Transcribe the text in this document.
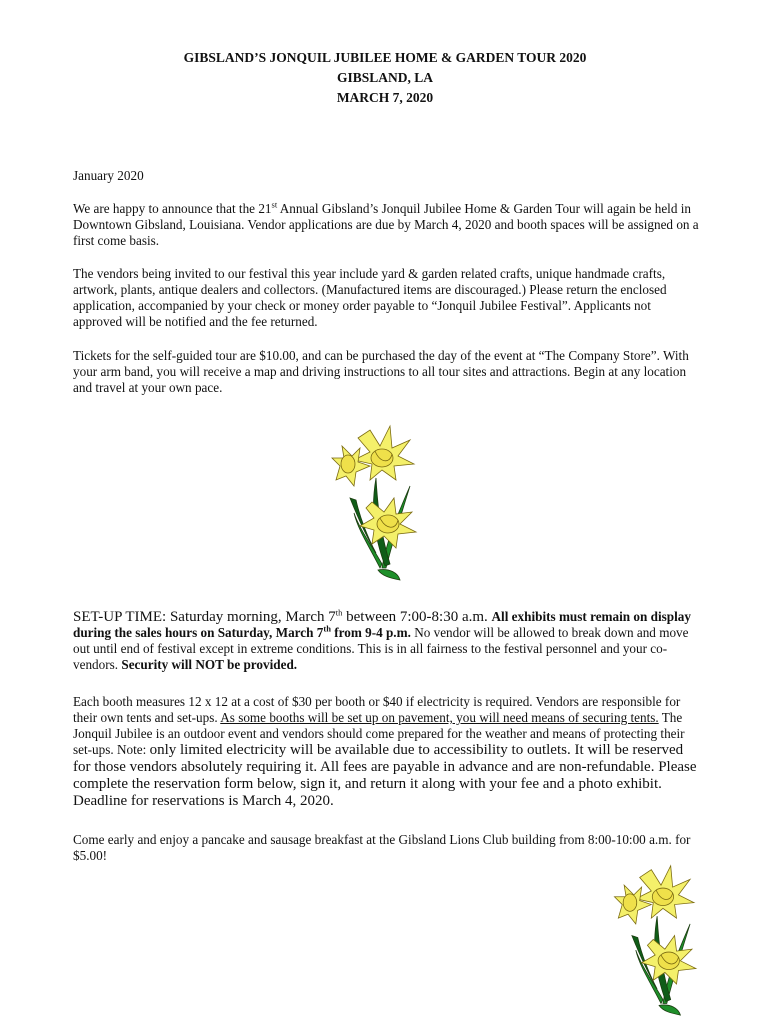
GIBSLAND’S JONQUIL JUBILEE HOME & GARDEN TOUR 2020
GIBSLAND, LA
MARCH 7, 2020
January 2020
We are happy to announce that the 21st Annual Gibsland’s Jonquil Jubilee Home & Garden Tour will again be held in Downtown Gibsland, Louisiana. Vendor applications are due by March 4, 2020 and booth spaces will be assigned on a first come basis.
The vendors being invited to our festival this year include yard & garden related crafts, unique handmade crafts, artwork, plants, antique dealers and collectors. (Manufactured items are discouraged.) Please return the enclosed application, accompanied by your check or money order payable to “Jonquil Jubilee Festival”. Applicants not approved will be notified and the fee returned.
Tickets for the self-guided tour are $10.00, and can be purchased the day of the event at “The Company Store”. With your arm band, you will receive a map and driving instructions to all tour sites and attractions. Begin at any location and travel at your own pace.
SET-UP TIME: Saturday morning, March 7th between 7:00-8:30 a.m. All exhibits must remain on display during the sales hours on Saturday, March 7th from 9-4 p.m. No vendor will be allowed to break down and move out until end of festival except in extreme conditions. This is in all fairness to the festival personnel and your co-vendors. Security will NOT be provided.
Each booth measures 12 x 12 at a cost of $30 per booth or $40 if electricity is required. Vendors are responsible for their own tents and set-ups. As some booths will be set up on pavement, you will need means of securing tents. The Jonquil Jubilee is an outdoor event and vendors should come prepared for the weather and means of protecting their set-ups. Note: only limited electricity will be available due to accessibility to outlets. It will be reserved for those vendors absolutely requiring it. All fees are payable in advance and are non-refundable. Please complete the reservation form below, sign it, and return it along with your fee and a photo exhibit. Deadline for reservations is March 4, 2020.
Come early and enjoy a pancake and sausage breakfast at the Gibsland Lions Club building from 8:00-10:00 a.m. for $5.00!
